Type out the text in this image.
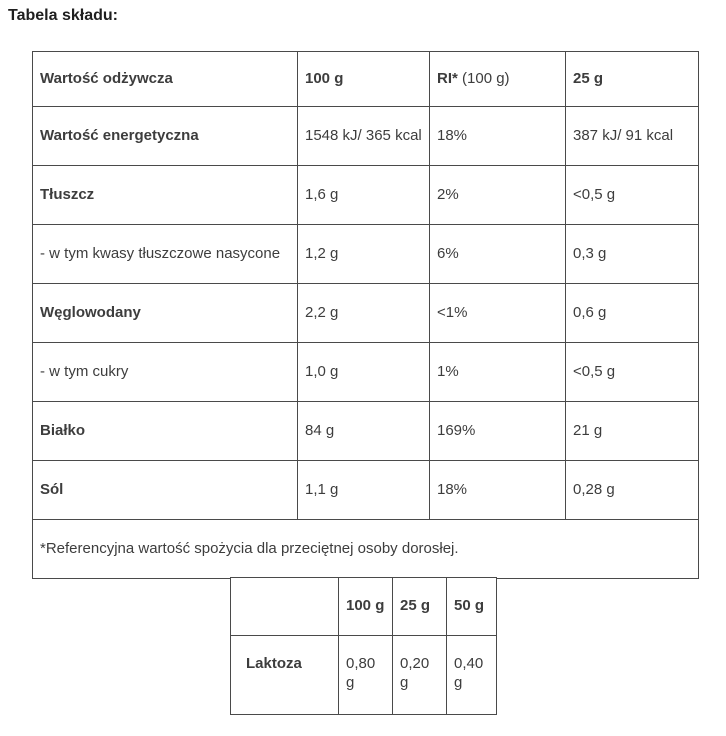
Tabela składu:
Wartość odżywcza	100 g	RI* (100 g)	25 g
Wartość energetyczna	1548 kJ/ 365 kcal	18%	387 kJ/ 91 kcal
Tłuszcz	1,6 g	2%	<0,5 g
- w tym kwasy tłuszczowe nasycone	1,2 g	6%	0,3 g
Węglowodany	2,2 g	<1%	0,6 g
- w tym cukry	1,0 g	1%	<0,5 g
Białko	84 g	169%	21 g
Sól	1,1 g	18%	0,28 g
*Referencyjna wartość spożycia dla przeciętnej osoby dorosłej.			
	100 g	25 g	50 g
Laktoza	0,80 g	0,20 g	0,40 g
